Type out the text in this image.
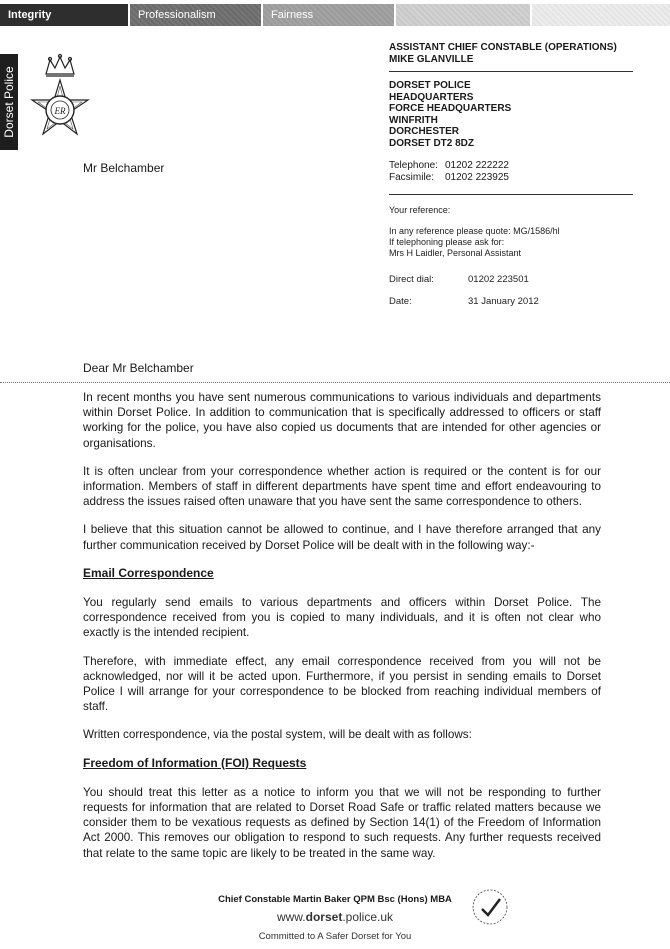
Integrity	Professionalism	Fairness
Dorset Police	ER
ASSISTANT CHIEF CONSTABLE (OPERATIONS)
MIKE GLANVILLE
DORSET POLICE
HEADQUARTERS
FORCE HEADQUARTERS
WINFRITH
DORCHESTER
DORSET DT2 8DZ
Telephone: 01202 222222
Facsimile: 01202 223925
Your reference:
In any reference please quote: MG/1586/hl
If telephoning please ask for:
Mrs H Laidler, Personal Assistant
Direct dial:	01202 223501
Date:	31 January 2012
Mr Belchamber
Dear Mr Belchamber

In recent months you have sent numerous communications to various individuals and departments within Dorset Police. In addition to communication that is specifically addressed to officers or staff working for the police, you have also copied us documents that are intended for other agencies or organisations.

It is often unclear from your correspondence whether action is required or the content is for our information. Members of staff in different departments have spent time and effort endeavouring to address the issues raised often unaware that you have sent the same correspondence to others.

I believe that this situation cannot be allowed to continue, and I have therefore arranged that any further communication received by Dorset Police will be dealt with in the following way:-

Email Correspondence

You regularly send emails to various departments and officers within Dorset Police. The correspondence received from you is copied to many individuals, and it is often not clear who exactly is the intended recipient.

Therefore, with immediate effect, any email correspondence received from you will not be acknowledged, nor will it be acted upon. Furthermore, if you persist in sending emails to Dorset Police I will arrange for your correspondence to be blocked from reaching individual members of staff.

Written correspondence, via the postal system, will be dealt with as follows:

Freedom of Information (FOI) Requests

You should treat this letter as a notice to inform you that we will not be responding to further requests for information that are related to Dorset Road Safe or traffic related matters because we consider them to be vexatious requests as defined by Section 14(1) of the Freedom of Information Act 2000. This removes our obligation to respond to such requests. Any further requests received that relate to the same topic are likely to be treated in the same way.

Chief Constable Martin Baker QPM Bsc (Hons) MBA
www.dorset.police.uk
Committed to A Safer Dorset for You
